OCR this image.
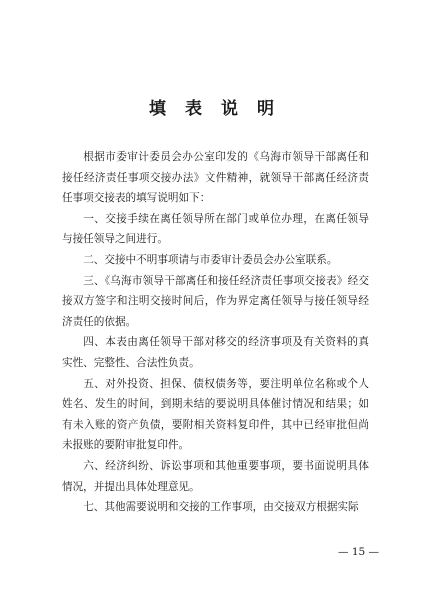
填　表　说　明

根据市委审计委员会办公室印发的《乌海市领导干部离任和接任经济责任事项交接办法》文件精神，就领导干部离任经济责任事项交接表的填写说明如下：

一、交接手续在离任领导所在部门或单位办理，在离任领导与接任领导之间进行。

二、交接中不明事项请与市委审计委员会办公室联系。

三、《乌海市领导干部离任和接任经济责任事项交接表》经交接双方签字和注明交接时间后，作为界定离任领导与接任领导经济责任的依据。

四、本表由离任领导干部对移交的经济事项及有关资料的真实性、完整性、合法性负责。

五、对外投资、担保、债权债务等，要注明单位名称或个人姓名、发生的时间，到期未结的要说明具体催讨情况和结果；如有未入账的资产负债，要附相关资料复印件，其中已经审批但尚未报账的要附审批复印件。

六、经济纠纷、诉讼事项和其他重要事项，要书面说明具体情况，并提出具体处理意见。

七、其他需要说明和交接的工作事项，由交接双方根据实际

— 15 —
